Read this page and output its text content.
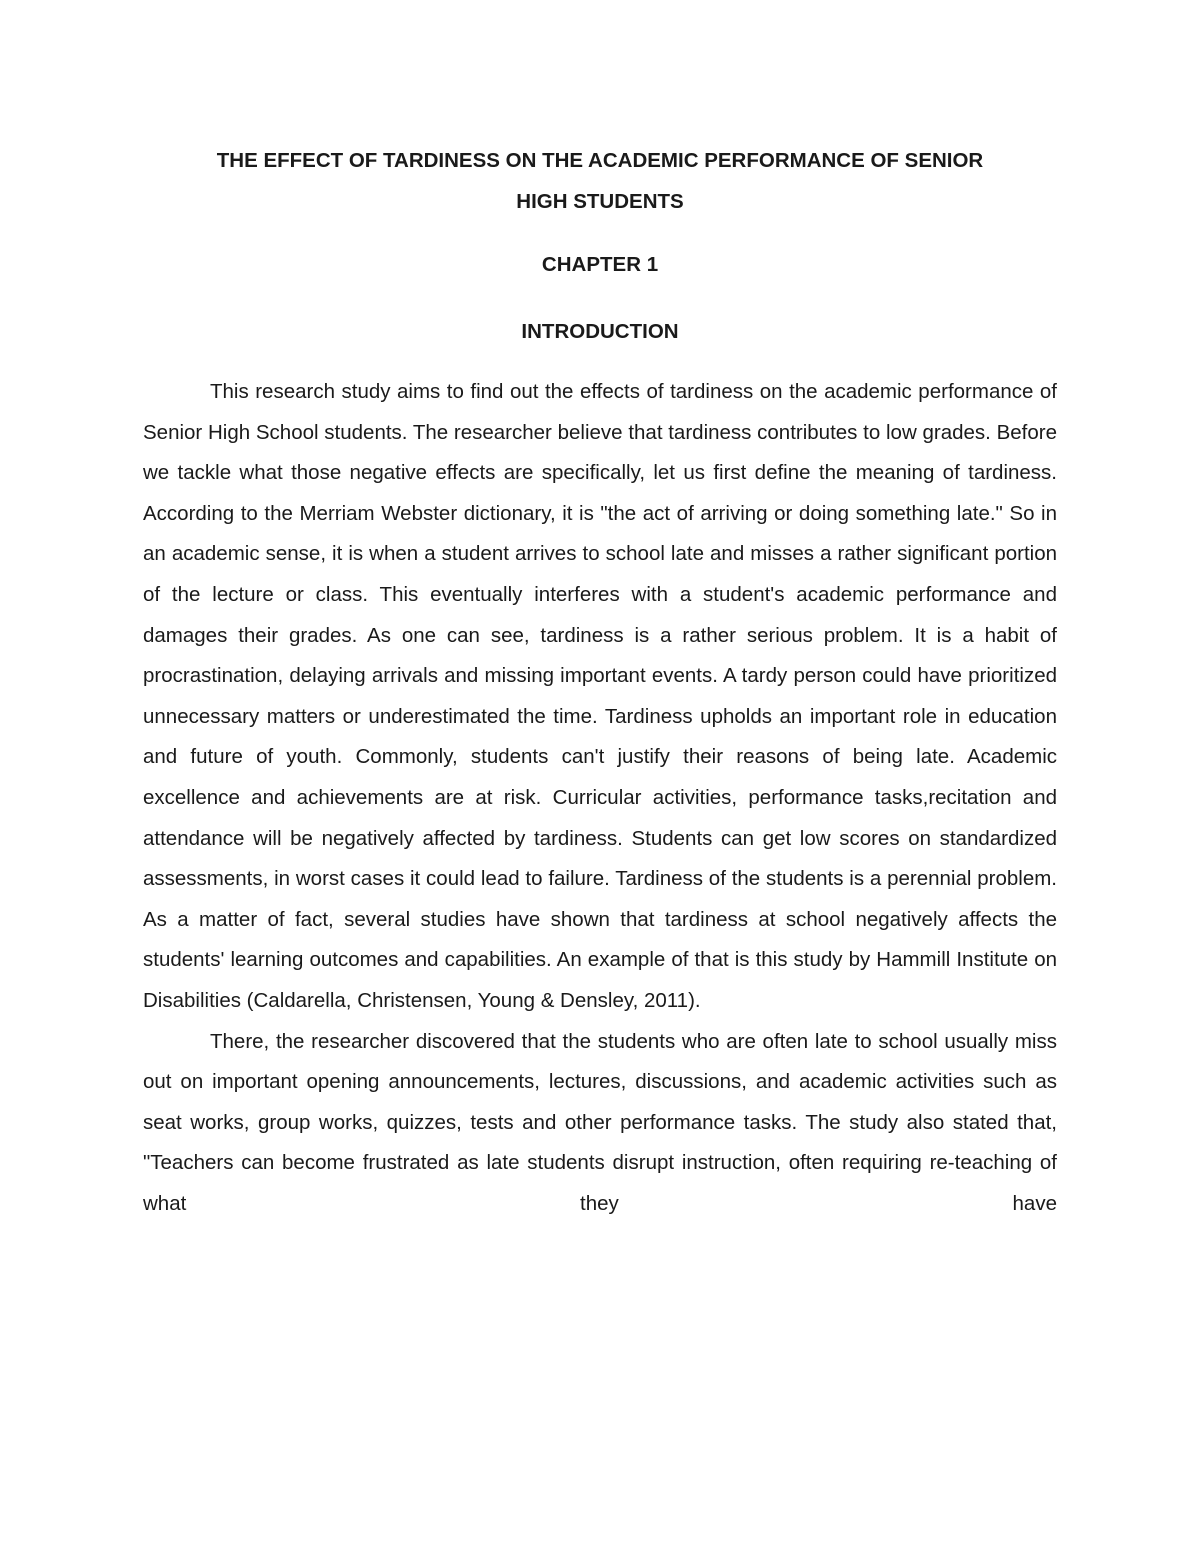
THE EFFECT OF TARDINESS ON THE ACADEMIC PERFORMANCE OF SENIOR
HIGH STUDENTS
CHAPTER 1
INTRODUCTION

This research study aims to find out the effects of tardiness on the academic performance of Senior High School students. The researcher believe that tardiness contributes to low grades. Before we tackle what those negative effects are specifically, let us first define the meaning of tardiness. According to the Merriam Webster dictionary, it is "the act of arriving or doing something late." So in an academic sense, it is when a student arrives to school late and misses a rather significant portion of the lecture or class. This eventually interferes with a student's academic performance and damages their grades. As one can see, tardiness is a rather serious problem. It is a habit of procrastination, delaying arrivals and missing important events. A tardy person could have prioritized unnecessary matters or underestimated the time. Tardiness upholds an important role in education and future of youth. Commonly, students can't justify their reasons of being late. Academic excellence and achievements are at risk. Curricular activities, performance tasks,recitation and attendance will be negatively affected by tardiness. Students can get low scores on standardized assessments, in worst cases it could lead to failure. Tardiness of the students is a perennial problem. As a matter of fact, several studies have shown that tardiness at school negatively affects the students' learning outcomes and capabilities. An example of that is this study by Hammill Institute on Disabilities (Caldarella, Christensen, Young & Densley, 2011).

There, the researcher discovered that the students who are often late to school usually miss out on important opening announcements, lectures, discussions, and academic activities such as seat works, group works, quizzes, tests and other performance tasks. The study also stated that, "Teachers can become frustrated as late students disrupt instruction, often requiring re-teaching of what they have
